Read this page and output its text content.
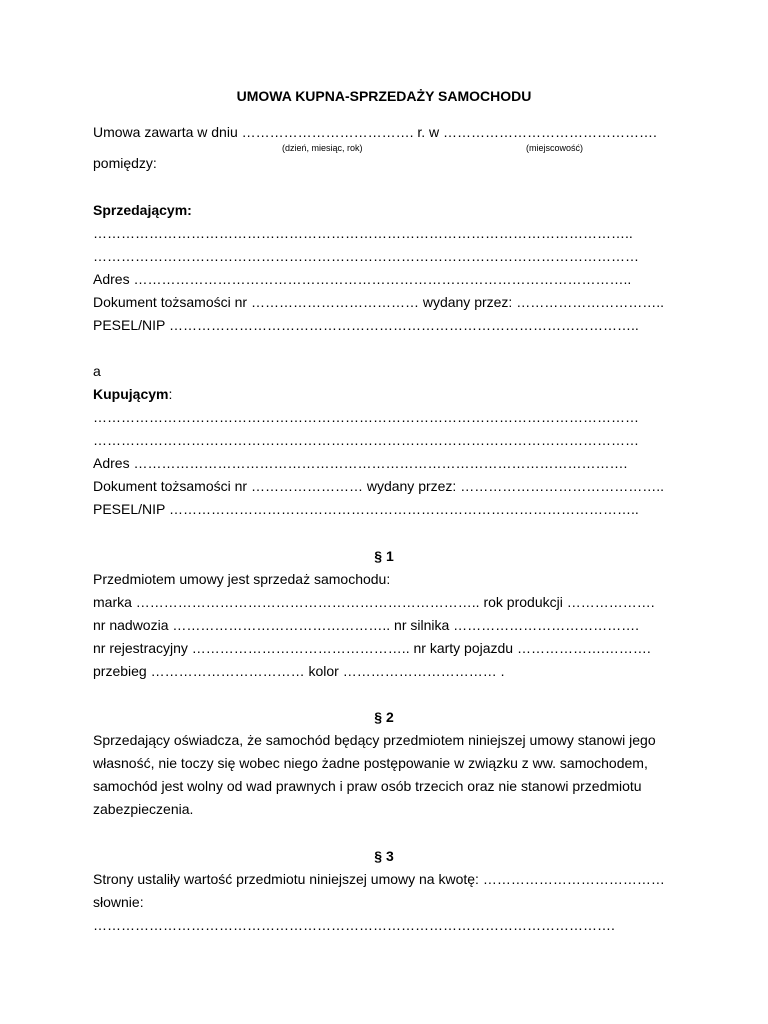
UMOWA KUPNA-SPRZEDAŻY SAMOCHODU

Umowa zawarta w dniu ………………………………. r. w ……………………………………….

(dzień, miesiąc, rok)	(miejscowość)

pomiędzy:

Sprzedającym:

……………………………………………………………………………………………………..

………………………………………………………………………………………………………

Adres ……………………………………………………………………………………………..

Dokument tożsamości nr ……………………………… wydany przez: …………………………..

PESEL/NIP ………………………………………………………………………………………..

a

Kupującym:

………………………………………………………………………………………………………

………………………………………………………………………………………………………

Adres …………………………………………………………………………………………….

Dokument tożsamości nr …………………… wydany przez: ……………………………………..

PESEL/NIP ………………………………………………………………………………………..

§ 1

Przedmiotem umowy jest sprzedaż samochodu:

marka ……………………………………………………………….. rok produkcji ……………….

nr nadwozia ……………………………………….. nr silnika ………………………………….

nr rejestracyjny ……………………………………….. nr karty pojazdu ……………….……….

przebieg …………………………… kolor …………………………… .

§ 2

Sprzedający oświadcza, że samochód będący przedmiotem niniejszej umowy stanowi jego własność, nie toczy się wobec niego żadne postępowanie w związku z ww. samochodem, samochód jest wolny od wad prawnych i praw osób trzecich oraz nie stanowi przedmiotu zabezpieczenia.

§ 3

Strony ustaliły wartość przedmiotu niniejszej umowy na kwotę: …………………………………

słownie:

………………………………………………………………………………………………….
